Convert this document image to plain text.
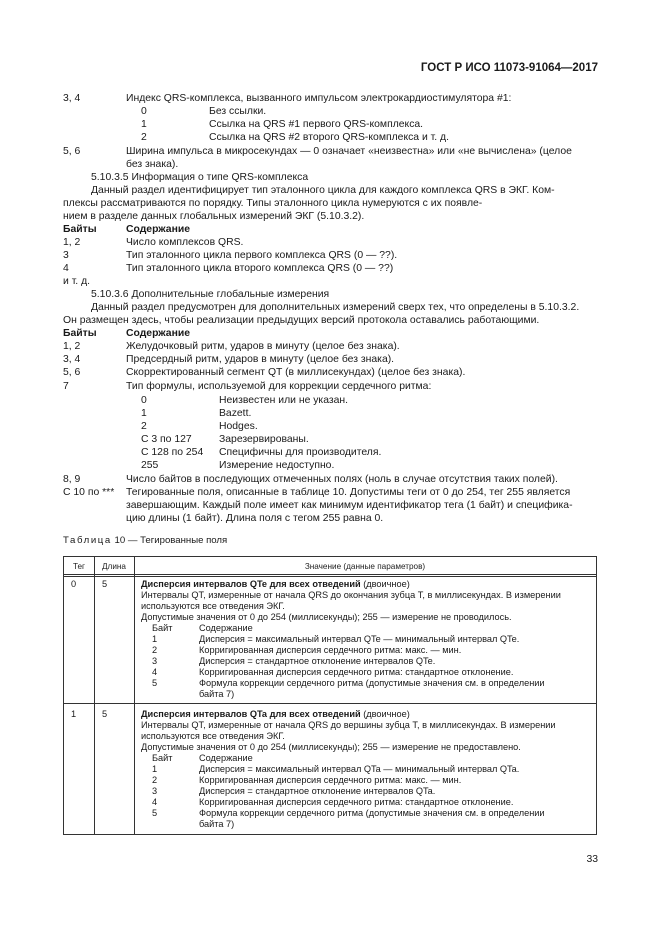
ГОСТ Р ИСО 11073-91064—2017
3, 4	Индекс QRS-комплекса, вызванного импульсом электрокардиостимулятора #1:
0	Без ссылки.
1	Ссылка на QRS #1 первого QRS-комплекса.
2	Ссылка на QRS #2 второго QRS-комплекса и т. д.
5, 6	Ширина импульса в микросекундах — 0 означает «неизвестна» или «не вычислена» (целое
без знака).
5.10.3.5 Информация о типе QRS-комплекса
Данный раздел идентифицирует тип эталонного цикла для каждого комплекса QRS в ЭКГ. Ком-
плексы рассматриваются по порядку. Типы эталонного цикла нумеруются с их появле-
нием в разделе данных глобальных измерений ЭКГ (5.10.3.2).
Байты	Содержание
1, 2	Число комплексов QRS.
3	Тип эталонного цикла первого комплекса QRS (0 — ??).
4	Тип эталонного цикла второго комплекса QRS (0 — ??)
и т. д.
5.10.3.6 Дополнительные глобальные измерения
Данный раздел предусмотрен для дополнительных измерений сверх тех, что определены в 5.10.3.2.
Он размещен здесь, чтобы реализации предыдущих версий протокола оставались работающими.
Байты	Содержание
1, 2	Желудочковый ритм, ударов в минуту (целое без знака).
3, 4	Предсердный ритм, ударов в минуту (целое без знака).
5, 6	Скорректированный сегмент QT (в миллисекундах) (целое без знака).
7	Тип формулы, используемой для коррекции сердечного ритма:
0	Неизвестен или не указан.
1	Bazett.
2	Hodges.
С 3 по 127	Зарезервированы.
С 128 по 254 Специфичны для производителя.
255	Измерение недоступно.
8, 9	Число байтов в последующих отмеченных полях (ноль в случае отсутствия таких полей).
С 10 по *** Тегированные поля, описанные в таблице 10. Допустимы теги от 0 до 254, тег 255 является
завершающим. Каждый поле имеет как минимум идентификатор тега (1 байт) и специфика-
цию длины (1 байт). Длина поля с тегом 255 равна 0.
Таблица 10 — Тегированные поля
Тег	Длина	Значение (данные параметров)
0	5	Дисперсия интервалов QTe для всех отведений (двоичное)
Интервалы QT, измеренные от начала QRS до окончания зубца T, в миллисекундах. В измерении
используются все отведения ЭКГ.
Допустимые значения от 0 до 254 (миллисекунды); 255 — измерение не проводилось.
Байт	Содержание
1	Дисперсия = максимальный интервал QTe — минимальный интервал QTe.
2	Корригированная дисперсия сердечного ритма: макс. — мин.
3	Дисперсия = стандартное отклонение интервалов QTe.
4	Корригированная дисперсия сердечного ритма: стандартное отклонение.
5	Формула коррекции сердечного ритма (допустимые значения см. в определении
байта 7)
1	5	Дисперсия интервалов QTa для всех отведений (двоичное)
Интервалы QT, измеренные от начала QRS до вершины зубца T, в миллисекундах. В измерении
используются все отведения ЭКГ.
Допустимые значения от 0 до 254 (миллисекунды); 255 — измерение не предоставлено.
Байт	Содержание
1	Дисперсия = максимальный интервал QTa — минимальный интервал QTa.
2	Корригированная дисперсия сердечного ритма: макс. — мин.
3	Дисперсия = стандартное отклонение интервалов QTa.
4	Корригированная дисперсия сердечного ритма: стандартное отклонение.
5	Формула коррекции сердечного ритма (допустимые значения см. в определении
байта 7)
33
